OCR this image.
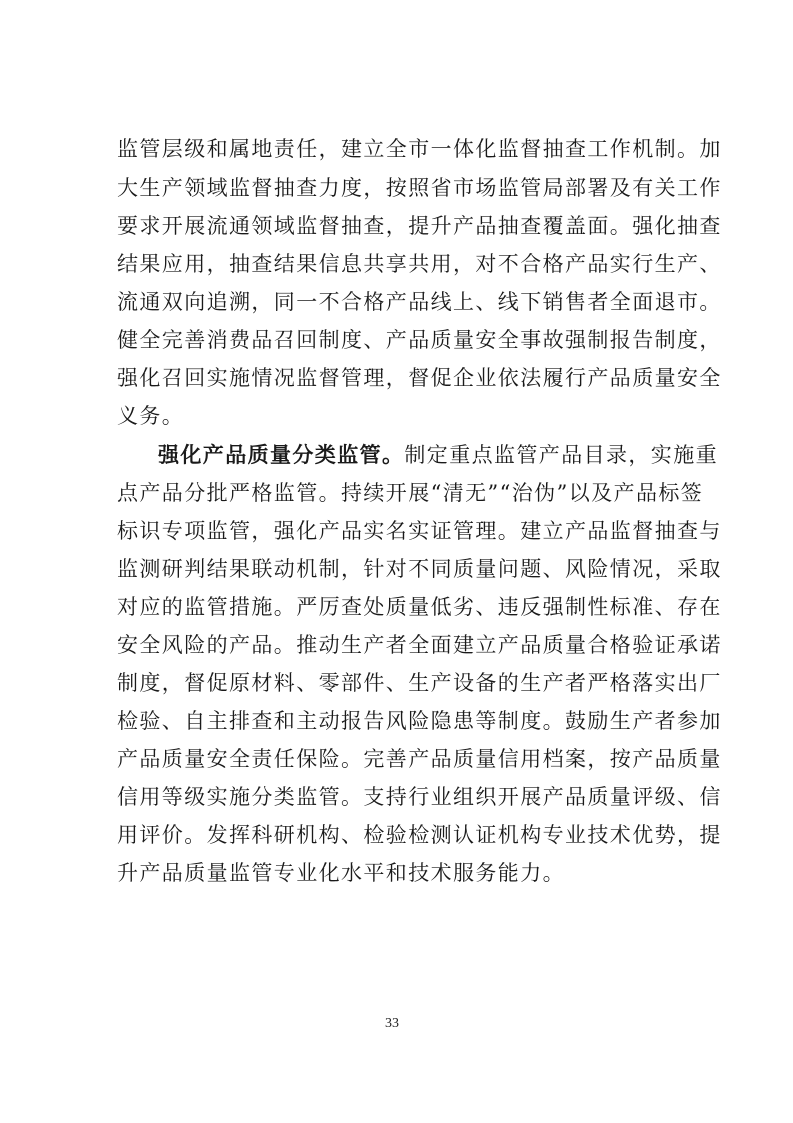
监管层级和属地责任，建立全市一体化监督抽查工作机制。加
大生产领域监督抽查力度，按照省市场监管局部署及有关工作
要求开展流通领域监督抽查，提升产品抽查覆盖面。强化抽查
结果应用，抽查结果信息共享共用，对不合格产品实行生产、
流通双向追溯，同一不合格产品线上、线下销售者全面退市。
健全完善消费品召回制度、产品质量安全事故强制报告制度，
强化召回实施情况监督管理，督促企业依法履行产品质量安全
义务。
强化产品质量分类监管。制定重点监管产品目录，实施重
点产品分批严格监管。持续开展“清无”“治伪”以及产品标签
标识专项监管，强化产品实名实证管理。建立产品监督抽查与
监测研判结果联动机制，针对不同质量问题、风险情况，采取
对应的监管措施。严厉查处质量低劣、违反强制性标准、存在
安全风险的产品。推动生产者全面建立产品质量合格验证承诺
制度，督促原材料、零部件、生产设备的生产者严格落实出厂
检验、自主排查和主动报告风险隐患等制度。鼓励生产者参加
产品质量安全责任保险。完善产品质量信用档案，按产品质量
信用等级实施分类监管。支持行业组织开展产品质量评级、信
用评价。发挥科研机构、检验检测认证机构专业技术优势，提
升产品质量监管专业化水平和技术服务能力。
33
